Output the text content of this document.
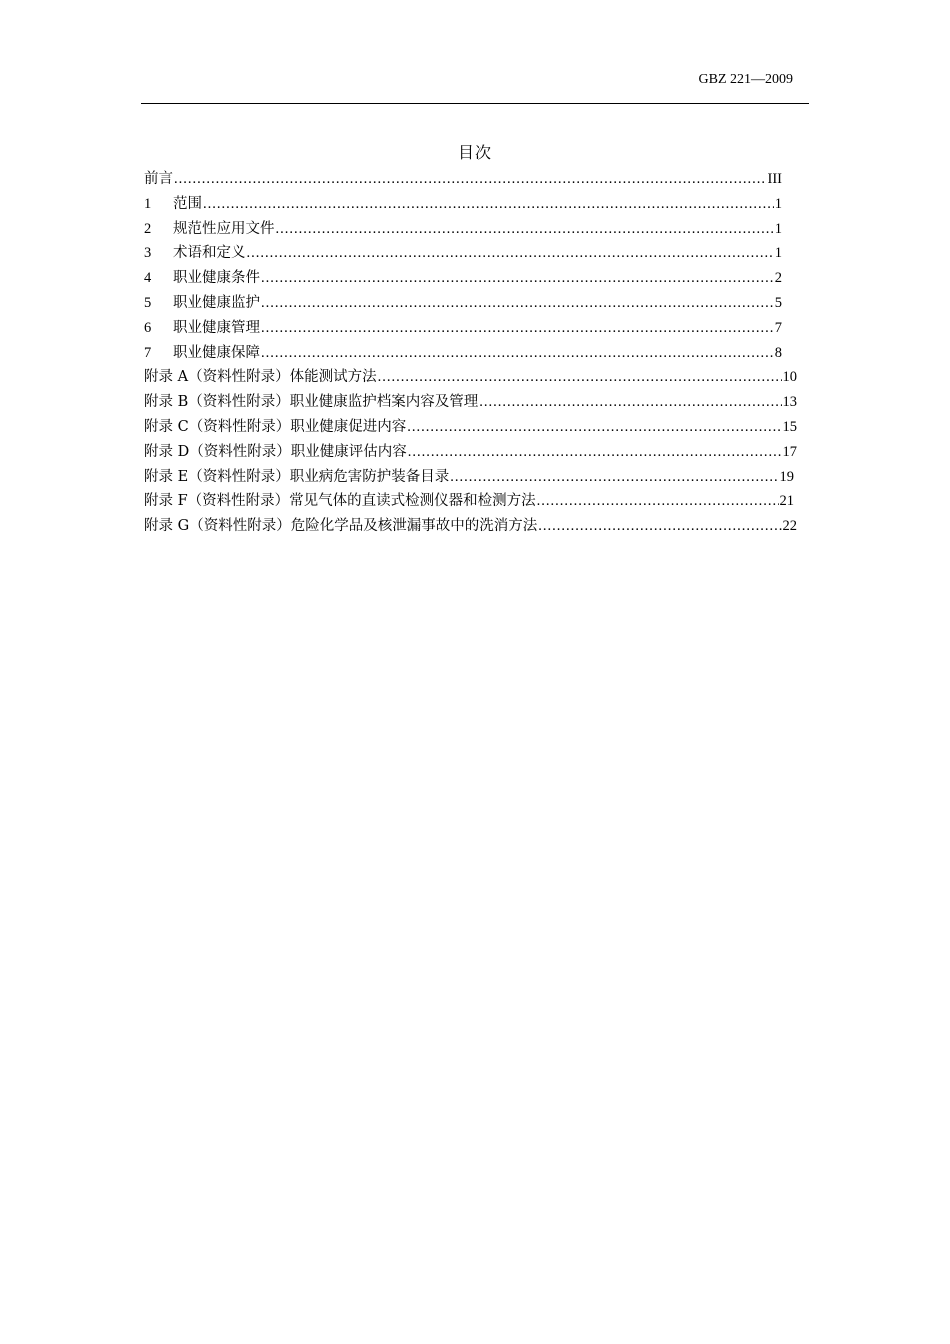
GBZ 221—2009
目次
前言 .....	III
1	范围 .....	1
2	规范性应用文件 .....	1
3	术语和定义 .....	1
4	职业健康条件 .....	2
5	职业健康监护 .....	5
6	职业健康管理 .....	7
7	职业健康保障 .....	8
附录 A（资料性附录）体能测试方法 .....	10
附录 B（资料性附录）职业健康监护档案内容及管理 .....	13
附录 C（资料性附录）职业健康促进内容 .....	15
附录 D（资料性附录）职业健康评估内容 .....	17
附录 E（资料性附录）职业病危害防护装备目录 .....	19
附录 F（资料性附录）常见气体的直读式检测仪器和检测方法 .....	21
附录 G（资料性附录）危险化学品及核泄漏事故中的洗消方法 .....	22
